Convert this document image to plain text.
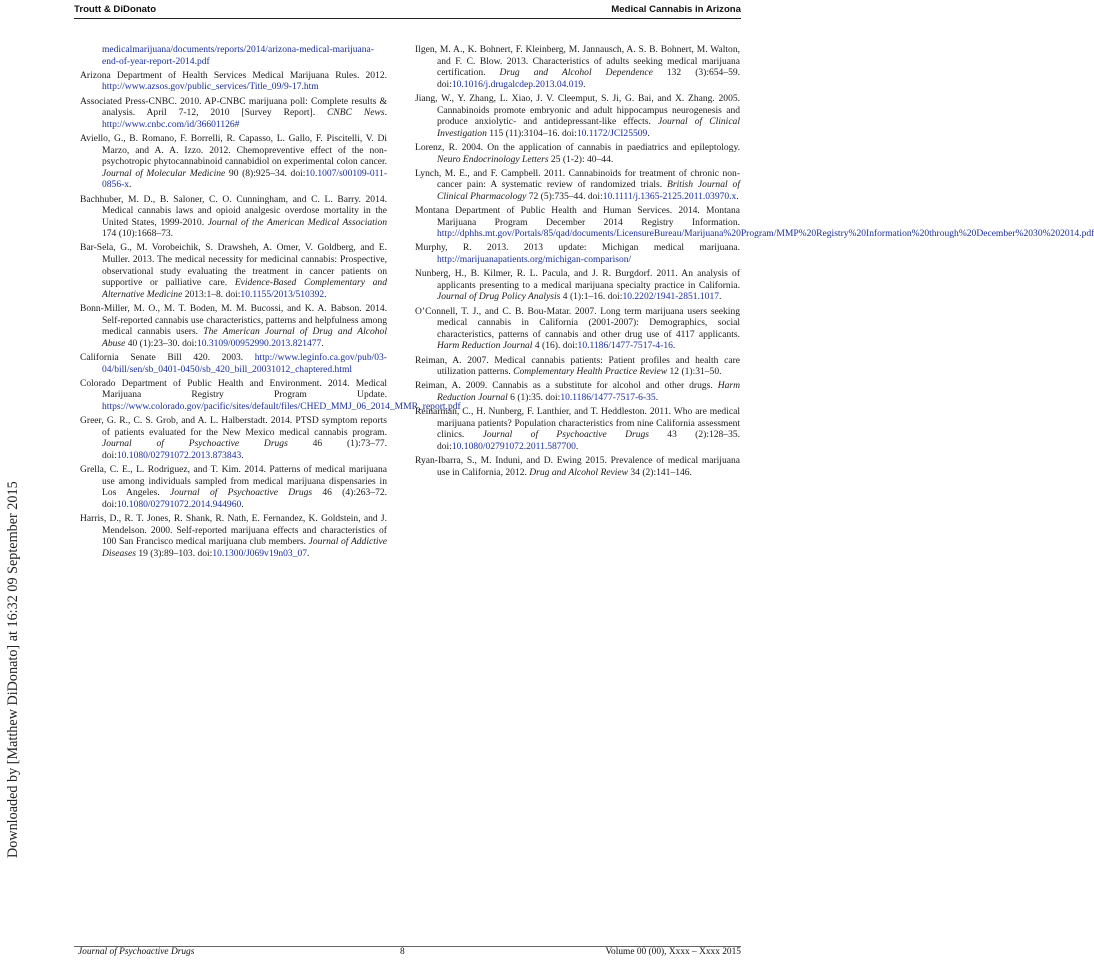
Troutt & DiDonato	Medical Cannabis in Arizona
Downloaded by [Matthew DiDonato] at 16:32 09 September 2015

medicalmarijuana/documents/reports/2014/arizona-medical-marijuana-end-of-year-report-2014.pdf

Arizona Department of Health Services Medical Marijuana Rules. 2012. http://www.azsos.gov/public_services/Title_09/9-17.htm

Associated Press-CNBC. 2010. AP-CNBC marijuana poll: Complete results & analysis. April 7-12, 2010 [Survey Report]. CNBC News. http://www.cnbc.com/id/36601126#

Aviello, G., B. Romano, F. Borrelli, R. Capasso, L. Gallo, F. Piscitelli, V. Di Marzo, and A. A. Izzo. 2012. Chemopreventive effect of the non-psychotropic phytocannabinoid cannabidiol on experimental colon cancer. Journal of Molecular Medicine 90 (8):925–34. doi:10.1007/s00109-011-0856-x.

Bachhuber, M. D., B. Saloner, C. O. Cunningham, and C. L. Barry. 2014. Medical cannabis laws and opioid analgesic overdose mortality in the United States, 1999-2010. Journal of the American Medical Association 174 (10):1668–73.

Bar-Sela, G., M. Vorobeichik, S. Drawsheh, A. Omer, V. Goldberg, and E. Muller. 2013. The medical necessity for medicinal cannabis: Prospective, observational study evaluating the treatment in cancer patients on supportive or palliative care. Evidence-Based Complementary and Alternative Medicine 2013:1–8. doi:10.1155/2013/510392.

Bonn-Miller, M. O., M. T. Boden, M. M. Bucossi, and K. A. Babson. 2014. Self-reported cannabis use characteristics, patterns and helpfulness among medical cannabis users. The American Journal of Drug and Alcohol Abuse 40 (1):23–30. doi:10.3109/00952990.2013.821477.

California Senate Bill 420. 2003. http://www.leginfo.ca.gov/pub/03-04/bill/sen/sb_0401-0450/sb_420_bill_20031012_chaptered.html

Colorado Department of Public Health and Environment. 2014. Medical Marijuana Registry Program Update. https://www.colorado.gov/pacific/sites/default/files/CHED_MMJ_06_2014_MMR_report.pdf

Greer, G. R., C. S. Grob, and A. L. Halberstadt. 2014. PTSD symptom reports of patients evaluated for the New Mexico medical cannabis program. Journal of Psychoactive Drugs 46 (1):73–77. doi:10.1080/02791072.2013.873843.

Grella, C. E., L. Rodriguez, and T. Kim. 2014. Patterns of medical marijuana use among individuals sampled from medical marijuana dispensaries in Los Angeles. Journal of Psychoactive Drugs 46 (4):263–72. doi:10.1080/02791072.2014.944960.

Harris, D., R. T. Jones, R. Shank, R. Nath, E. Fernandez, K. Goldstein, and J. Mendelson. 2000. Self-reported marijuana effects and characteristics of 100 San Francisco medical marijuana club members. Journal of Addictive Diseases 19 (3):89–103. doi:10.1300/J069v19n03_07.

Ilgen, M. A., K. Bohnert, F. Kleinberg, M. Jannausch, A. S. B. Bohnert, M. Walton, and F. C. Blow. 2013. Characteristics of adults seeking medical marijuana certification. Drug and Alcohol Dependence 132 (3):654–59. doi:10.1016/j.drugalcdep.2013.04.019.

Jiang, W., Y. Zhang, L. Xiao, J. V. Cleemput, S. Ji, G. Bai, and X. Zhang. 2005. Cannabinoids promote embryonic and adult hippocampus neurogenesis and produce anxiolytic- and antidepressant-like effects. Journal of Clinical Investigation 115 (11):3104–16. doi:10.1172/JCI25509.

Lorenz, R. 2004. On the application of cannabis in paediatrics and epileptology. Neuro Endocrinology Letters 25 (1-2): 40–44.

Lynch, M. E., and F. Campbell. 2011. Cannabinoids for treatment of chronic non-cancer pain: A systematic review of randomized trials. British Journal of Clinical Pharmacology 72 (5):735–44. doi:10.1111/j.1365-2125.2011.03970.x.

Montana Department of Public Health and Human Services. 2014. Montana Marijuana Program December 2014 Registry Information. http://dphhs.mt.gov/Portals/85/qad/documents/LicensureBureau/Marijuana%20Program/MMP%20Registry%20Information%20through%20December%2030%202014.pdf

Murphy, R. 2013. 2013 update: Michigan medical marijuana. http://marijuanapatients.org/michigan-comparison/

Nunberg, H., B. Kilmer, R. L. Pacula, and J. R. Burgdorf. 2011. An analysis of applicants presenting to a medical marijuana specialty practice in California. Journal of Drug Policy Analysis 4 (1):1–16. doi:10.2202/1941-2851.1017.

O’Connell, T. J., and C. B. Bou-Matar. 2007. Long term marijuana users seeking medical cannabis in California (2001-2007): Demographics, social characteristics, patterns of cannabis and other drug use of 4117 applicants. Harm Reduction Journal 4 (16). doi:10.1186/1477-7517-4-16.

Reiman, A. 2007. Medical cannabis patients: Patient profiles and health care utilization patterns. Complementary Health Practice Review 12 (1):31–50.

Reiman, A. 2009. Cannabis as a substitute for alcohol and other drugs. Harm Reduction Journal 6 (1):35. doi:10.1186/1477-7517-6-35.

Reinarman, C., H. Nunberg, F. Lanthier, and T. Heddleston. 2011. Who are medical marijuana patients? Population characteristics from nine California assessment clinics. Journal of Psychoactive Drugs 43 (2):128–35. doi:10.1080/02791072.2011.587700.

Ryan-Ibarra, S., M. Induni, and D. Ewing 2015. Prevalence of medical marijuana use in California, 2012. Drug and Alcohol Review 34 (2):141–146.

Journal of Psychoactive Drugs	8	Volume 00 (00), Xxxx – Xxxx 2015
